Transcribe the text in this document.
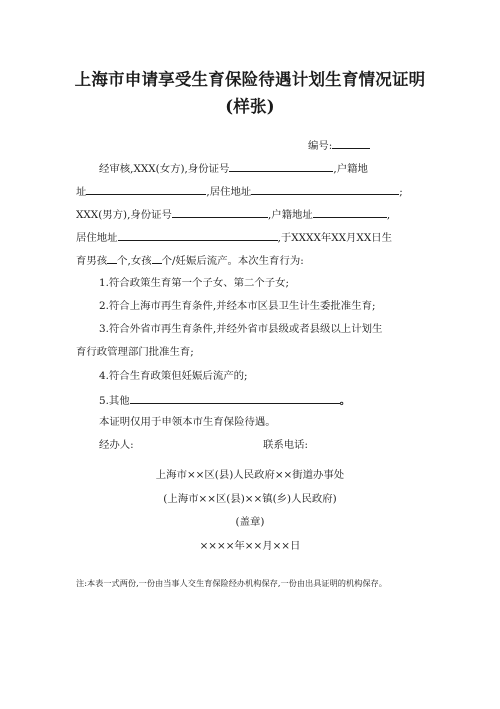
上海市申请享受生育保险待遇计划生育情况证明
(样张)
编号:
经审核,XXX(女方),身份证号	,户籍地
址	,居住地址	;
XXX(男方),身份证号	,户籍地址	,
居住地址	,于XXXX年XX月XX日生
育男孩 个,女孩 个/妊娠后流产。本次生育行为:
1.符合政策生育第一个子女、第二个子女;
2.符合上海市再生育条件,并经本市区县卫生计生委批准生育;
3.符合外省市再生育条件,并经外省市县级或者县级以上计划生
育行政管理部门批准生育;
4.符合生育政策但妊娠后流产的;
5.其他	。
本证明仅用于申领本市生育保险待遇。
经办人:	联系电话:
上海市××区(县)人民政府××街道办事处
(上海市××区(县)××镇(乡)人民政府)
(盖章)
××××年××月××日
注:本表一式两份,一份由当事人交生育保险经办机构保存,一份由出具证明的机构保存。
